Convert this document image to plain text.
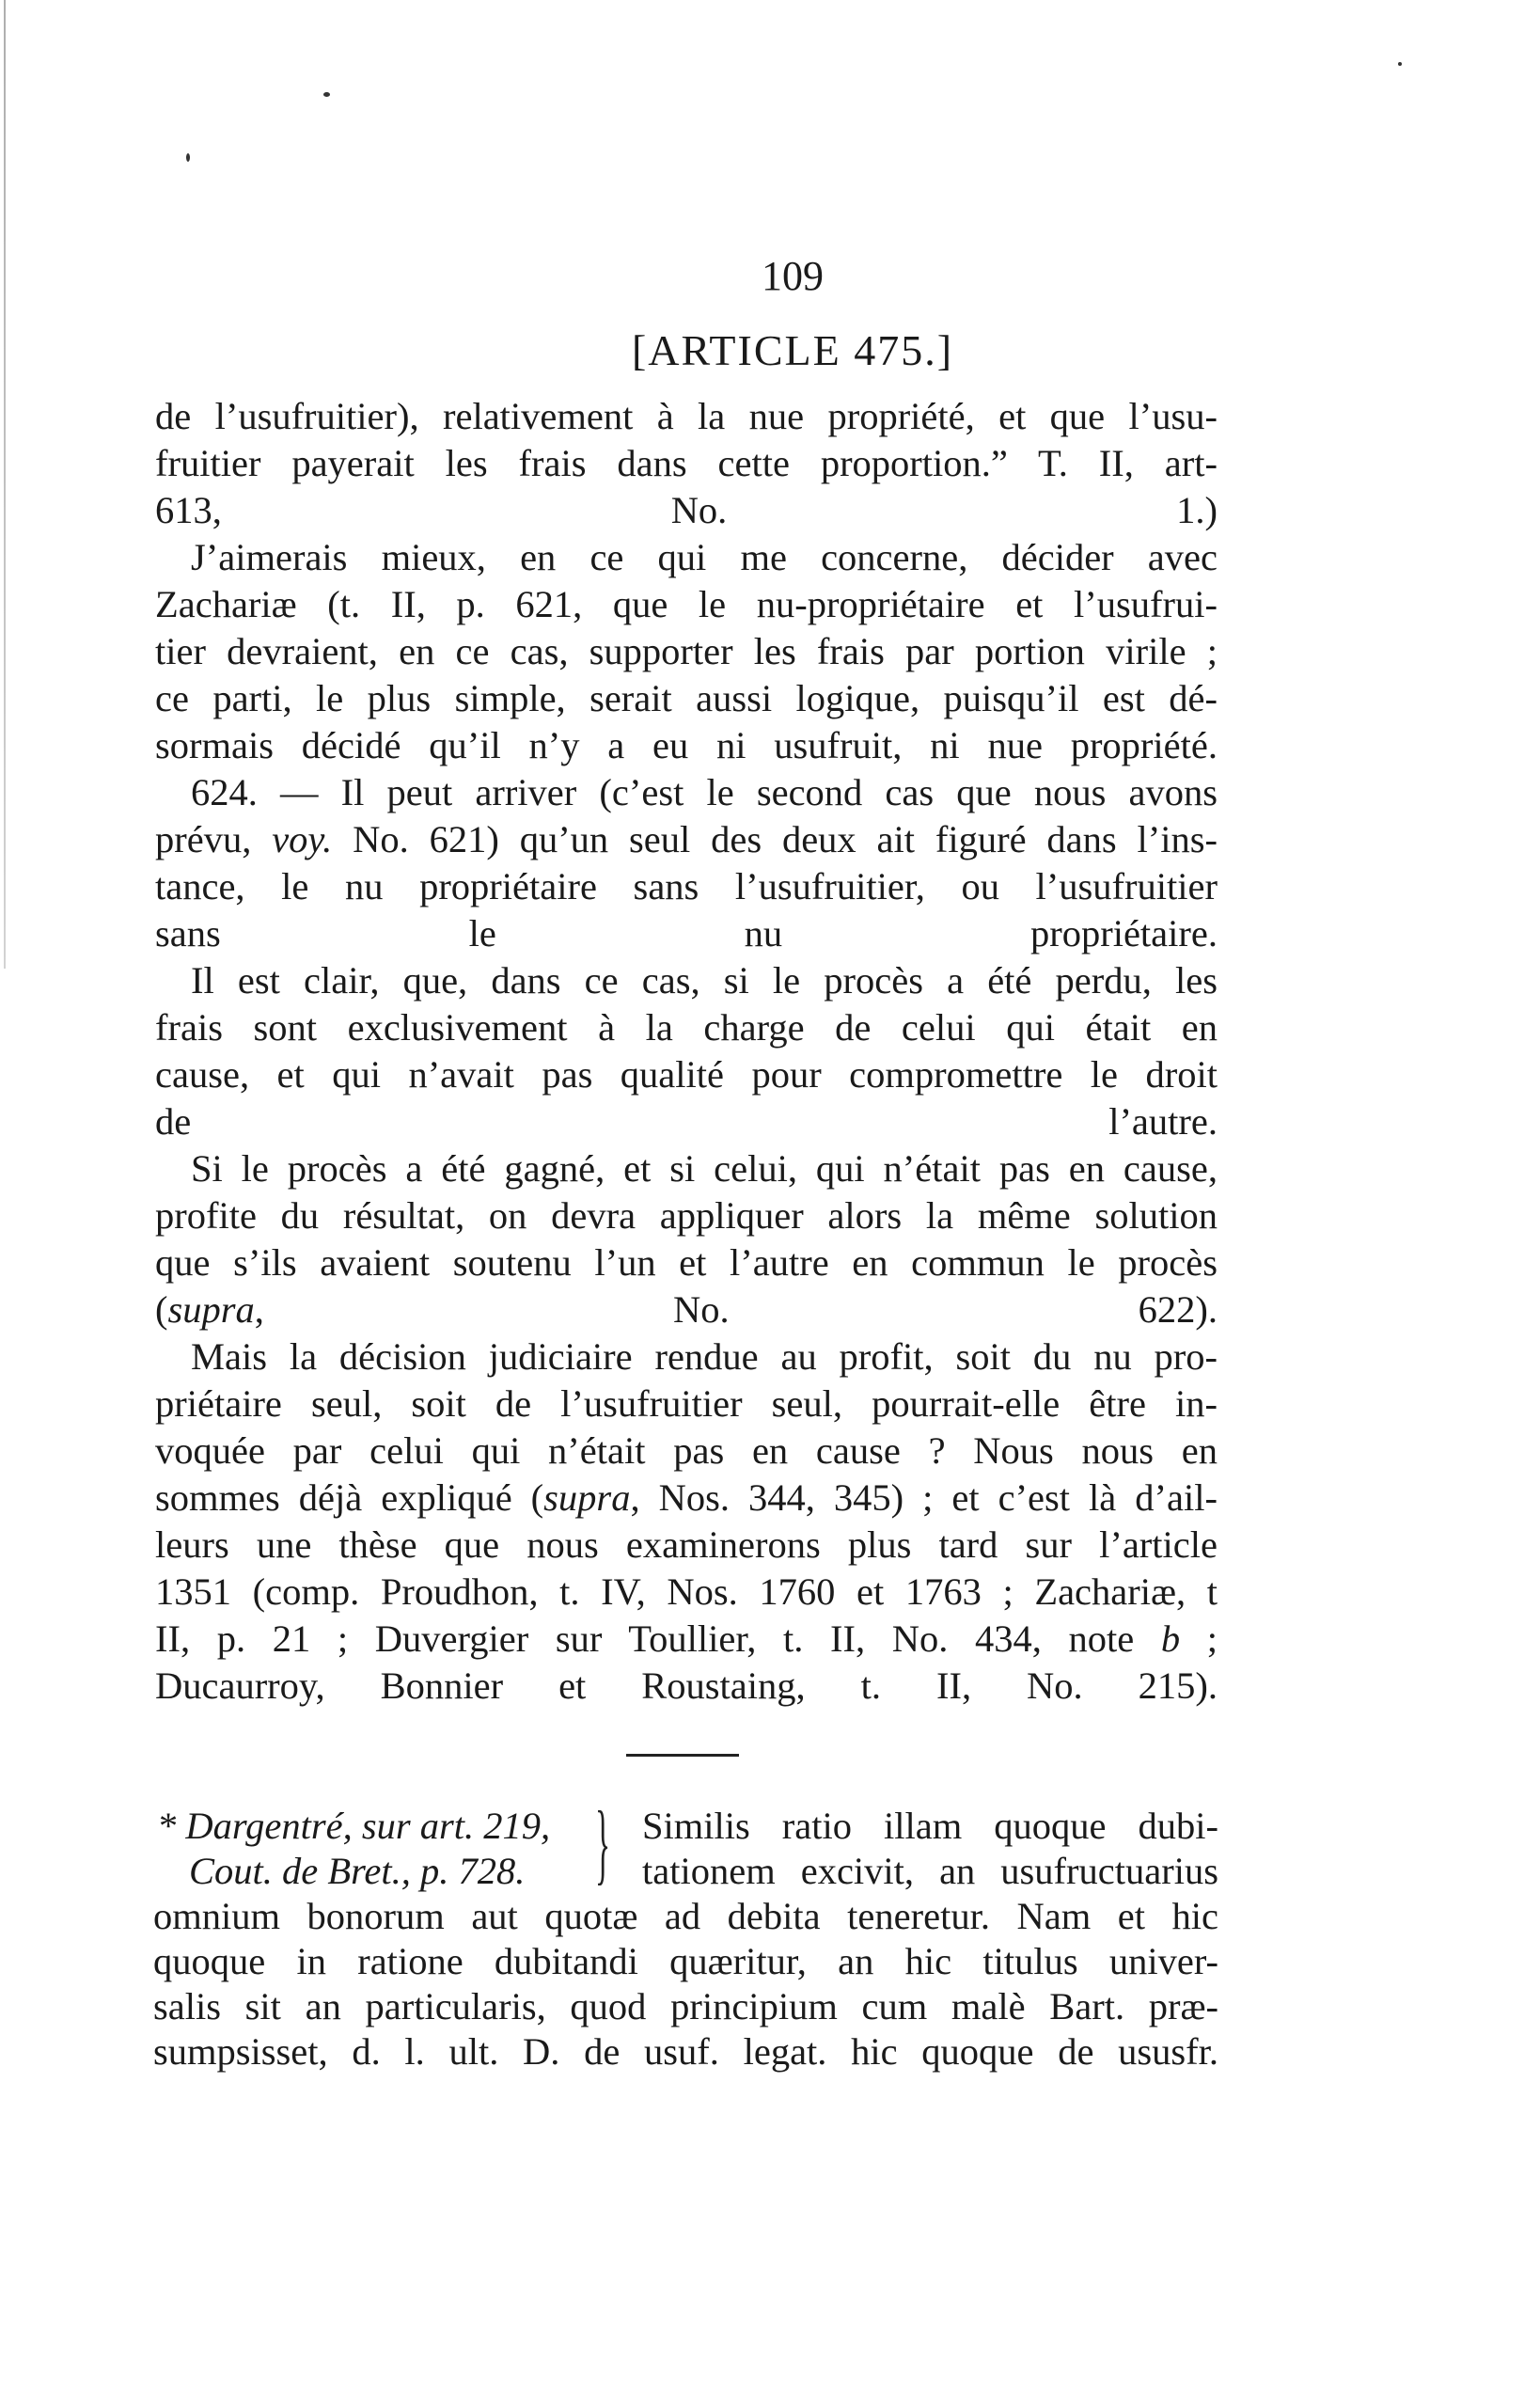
109
[ARTICLE 475.]
de l’usufruitier), relativement à la nue propriété, et que l’usu-
fruitier payerait les frais dans cette proportion.” T. II, art-
613, No. 1.)
J’aimerais mieux, en ce qui me concerne, décider avec
Zachariæ (t. II, p. 621, que le nu-propriétaire et l’usufrui-
tier devraient, en ce cas, supporter les frais par portion virile ;
ce parti, le plus simple, serait aussi logique, puisqu’il est dé-
sormais décidé qu’il n’y a eu ni usufruit, ni nue propriété.
624. — Il peut arriver (c’est le second cas que nous avons
prévu, voy. No. 621) qu’un seul des deux ait figuré dans l’ins-
tance, le nu propriétaire sans l’usufruitier, ou l’usufruitier
sans le nu propriétaire.
Il est clair, que, dans ce cas, si le procès a été perdu, les
frais sont exclusivement à la charge de celui qui était en
cause, et qui n’avait pas qualité pour compromettre le droit
de l’autre.
Si le procès a été gagné, et si celui, qui n’était pas en cause,
profite du résultat, on devra appliquer alors la même solution
que s’ils avaient soutenu l’un et l’autre en commun le procès
(supra, No. 622).
Mais la décision judiciaire rendue au profit, soit du nu pro-
priétaire seul, soit de l’usufruitier seul, pourrait-elle être in-
voquée par celui qui n’était pas en cause ? Nous nous en
sommes déjà expliqué (supra, Nos. 344, 345) ; et c’est là d’ail-
leurs une thèse que nous examinerons plus tard sur l’article
1351 (comp. Proudhon, t. IV, Nos. 1760 et 1763 ; Zachariæ, t
II, p. 21 ; Duvergier sur Toullier, t. II, No. 434, note b ;
Ducaurroy, Bonnier et Roustaing, t. II, No. 215).
* Dargentré, sur art. 219,
Cout. de Bret., p. 728. } Similis ratio illam quoque dubi-
tationem excivit, an usufructuarius
omnium bonorum aut quotæ ad debita teneretur. Nam et hic
quoque in ratione dubitandi quæritur, an hic titulus univer-
salis sit an particularis, quod principium cum malè Bart. præ-
sumpsisset, d. l. ult. D. de usuf. legat. hic quoque de ususfr.
